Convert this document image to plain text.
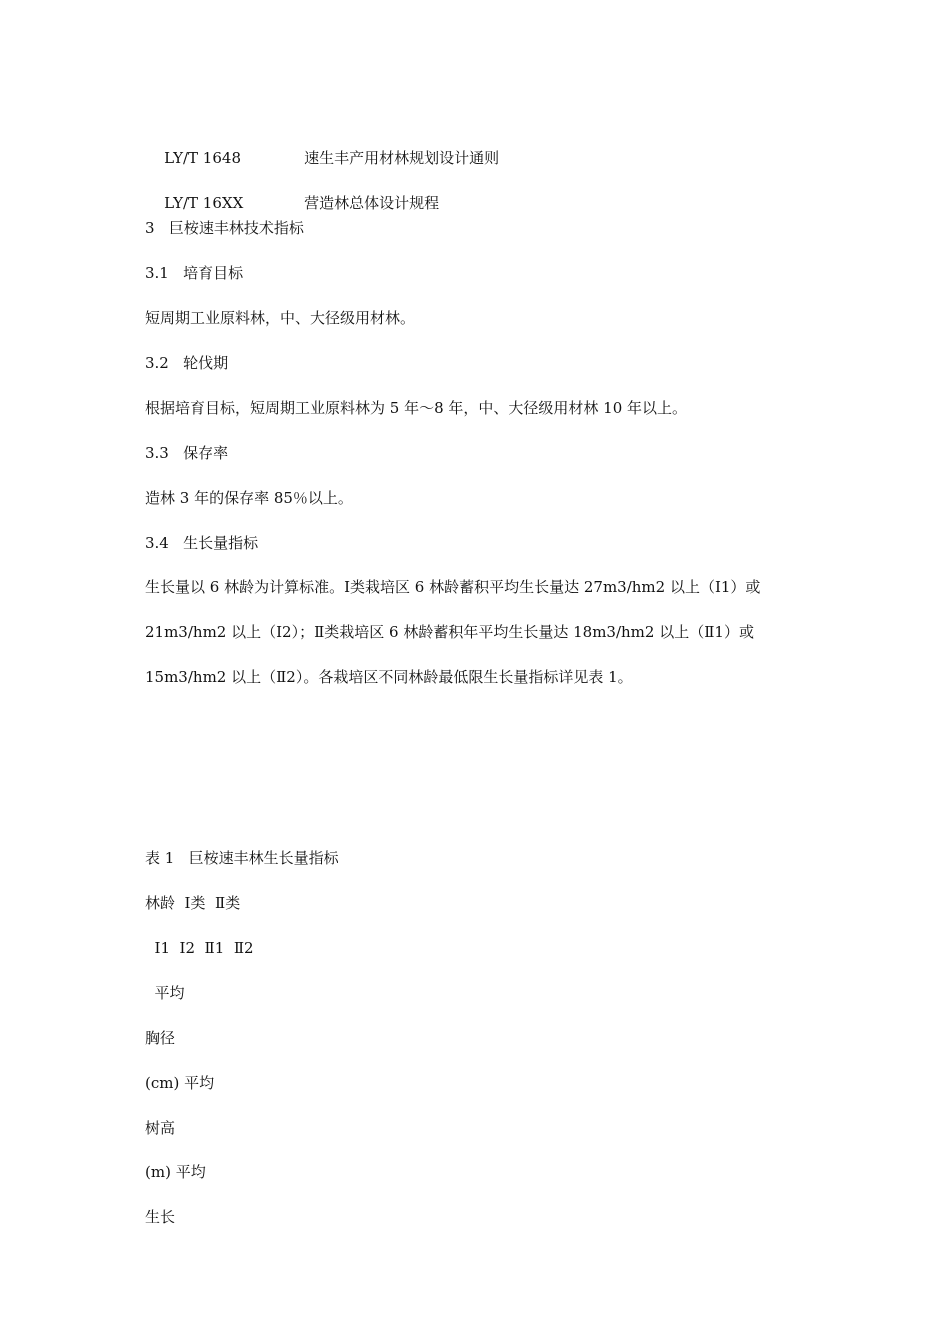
LY/T 1648	速生丰产用材林规划设计通则

LY/T 16XX	营造林总体设计规程

3   巨桉速丰林技术指标
3.1   培育目标
短周期工业原料林，中、大径级用材林。
3.2   轮伐期
根据培育目标，短周期工业原料林为 5 年～8 年，中、大径级用材林 10 年以上。
3.3   保存率
造林 3 年的保存率 85％以上。
3.4   生长量指标
生长量以 6 林龄为计算标准。Ⅰ类栽培区 6 林龄蓄积平均生长量达 27m3/hm2 以上（Ⅰ1）或
21m3/hm2 以上（Ⅰ2）；Ⅱ类栽培区 6 林龄蓄积年平均生长量达 18m3/hm2 以上（Ⅱ1）或
15m3/hm2 以上（Ⅱ2）。各栽培区不同林龄最低限生长量指标详见表 1。
表 1   巨桉速丰林生长量指标
林龄  Ⅰ类  Ⅱ类
Ⅰ1  Ⅰ2  Ⅱ1  Ⅱ2
平均
胸径
(cm) 平均
树高
(m) 平均
生长
